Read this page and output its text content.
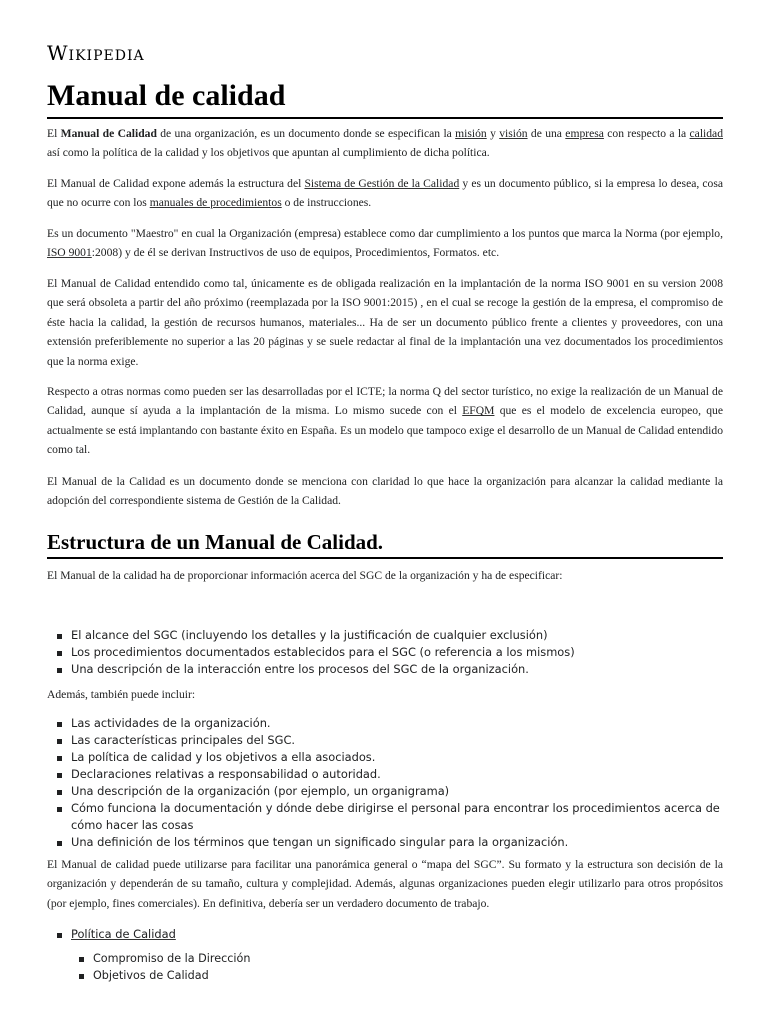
Wikipedia
Manual de calidad
El Manual de Calidad de una organización, es un documento donde se especifican la misión y visión de una empresa con respecto a la calidad así como la política de la calidad y los objetivos que apuntan al cumplimiento de dicha política.
El Manual de Calidad expone además la estructura del Sistema de Gestión de la Calidad y es un documento público, si la empresa lo desea, cosa que no ocurre con los manuales de procedimientos o de instrucciones.
Es un documento "Maestro" en cual la Organización (empresa) establece como dar cumplimiento a los puntos que marca la Norma (por ejemplo, ISO 9001:2008) y de él se derivan Instructivos de uso de equipos, Procedimientos, Formatos. etc.
El Manual de Calidad entendido como tal, únicamente es de obligada realización en la implantación de la norma ISO 9001 en su version 2008 que será obsoleta a partir del año próximo (reemplazada por la ISO 9001:2015) , en el cual se recoge la gestión de la empresa, el compromiso de éste hacia la calidad, la gestión de recursos humanos, materiales... Ha de ser un documento público frente a clientes y proveedores, con una extensión preferiblemente no superior a las 20 páginas y se suele redactar al final de la implantación una vez documentados los procedimientos que la norma exige.
Respecto a otras normas como pueden ser las desarrolladas por el ICTE; la norma Q del sector turístico, no exige la realización de un Manual de Calidad, aunque sí ayuda a la implantación de la misma. Lo mismo sucede con el EFQM que es el modelo de excelencia europeo, que actualmente se está implantando con bastante éxito en España. Es un modelo que tampoco exige el desarrollo de un Manual de Calidad entendido como tal.
El Manual de la Calidad es un documento donde se menciona con claridad lo que hace la organización para alcanzar la calidad mediante la adopción del correspondiente sistema de Gestión de la Calidad.
Estructura de un Manual de Calidad.
El Manual de la calidad ha de proporcionar información acerca del SGC de la organización y ha de especificar:
El alcance del SGC (incluyendo los detalles y la justificación de cualquier exclusión)
Los procedimientos documentados establecidos para el SGC (o referencia a los mismos)
Una descripción de la interacción entre los procesos del SGC de la organización.
Además, también puede incluir:
Las actividades de la organización.
Las características principales del SGC.
La política de calidad y los objetivos a ella asociados.
Declaraciones relativas a responsabilidad o autoridad.
Una descripción de la organización (por ejemplo, un organigrama)
Cómo funciona la documentación y dónde debe dirigirse el personal para encontrar los procedimientos acerca de cómo hacer las cosas
Una definición de los términos que tengan un significado singular para la organización.
El Manual de calidad puede utilizarse para facilitar una panorámica general o “mapa del SGC”. Su formato y la estructura son decisión de la organización y dependerán de su tamaño, cultura y complejidad. Además, algunas organizaciones pueden elegir utilizarlo para otros propósitos (por ejemplo, fines comerciales). En definitiva, debería ser un verdadero documento de trabajo.
Política de Calidad
Compromiso de la Dirección
Objetivos de Calidad
